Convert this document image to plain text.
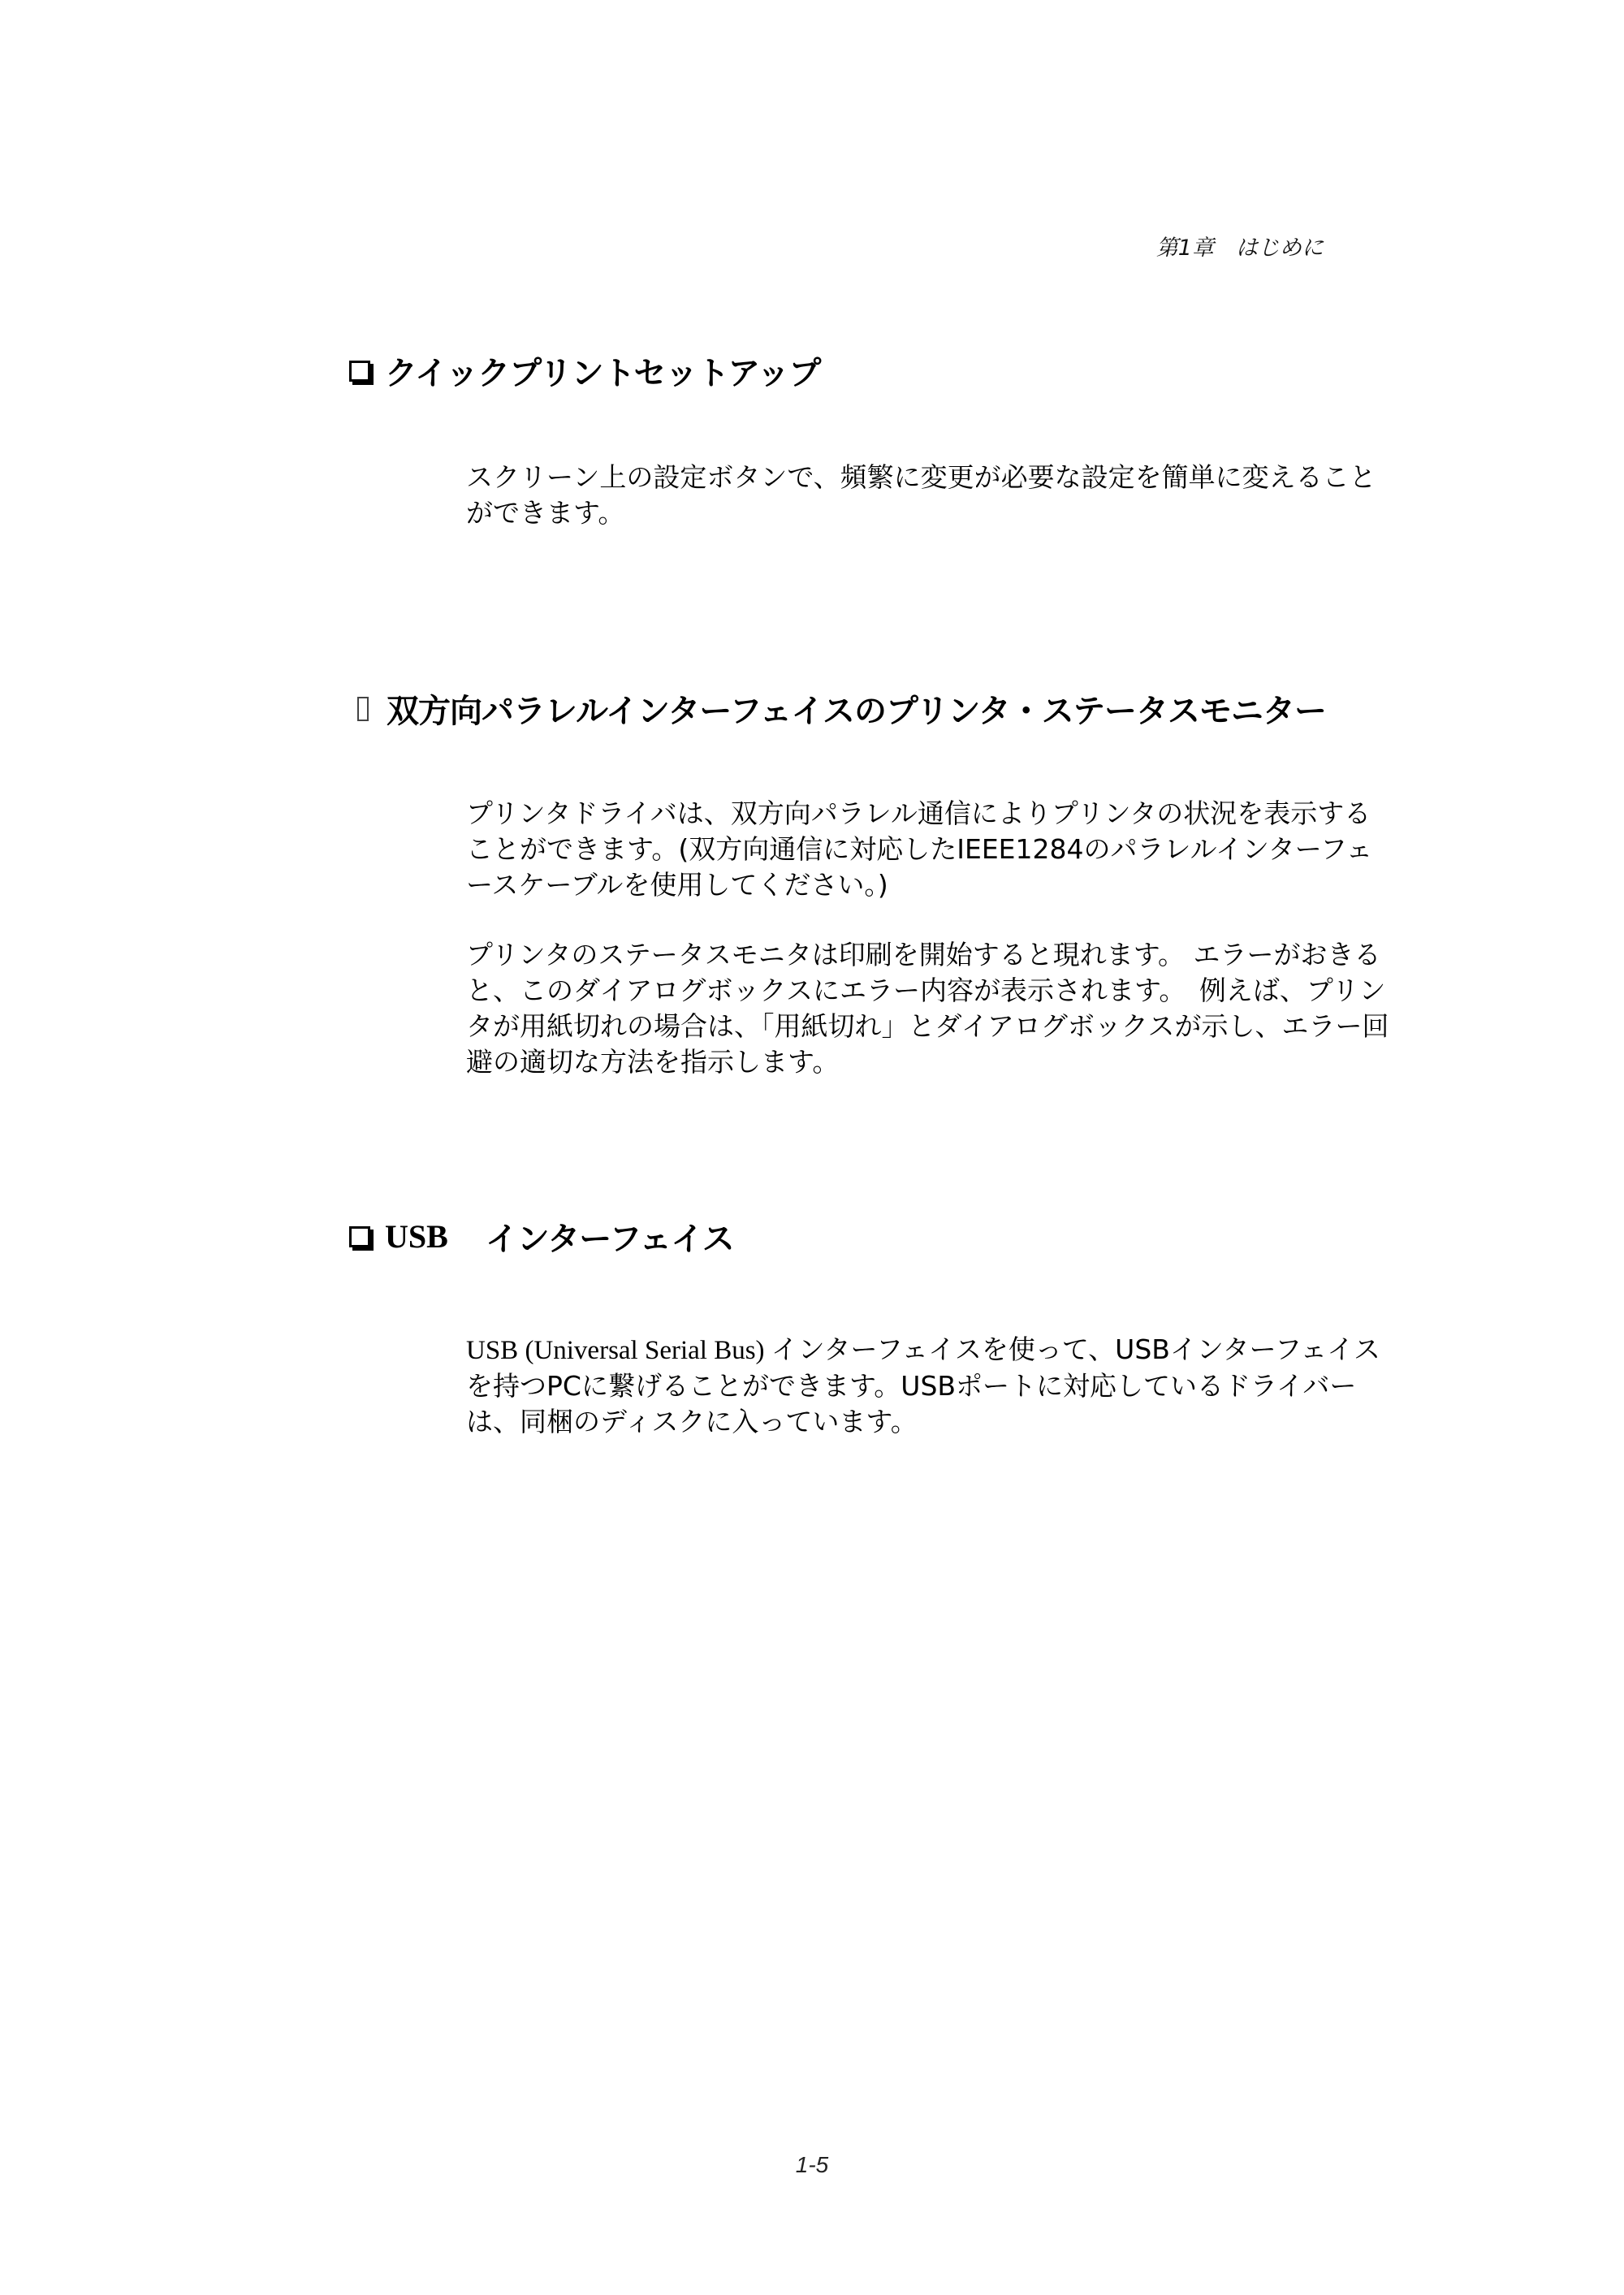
第1章　はじめに
クイックプリントセットアップ

スクリーン上の設定ボタンで、頻繁に変更が必要な設定を簡単に変えることができます。

双方向パラレルインターフェイスのプリンタ・ステータスモニター

プリンタドライバは、双方向パラレル通信によりプリンタの状況を表示することができます。(双方向通信に対応したIEEE1284のパラレルインターフェースケーブルを使用してください。)

プリンタのステータスモニタは印刷を開始すると現れます。 エラーがおきると、このダイアログボックスにエラー内容が表示されます。　例えば、プリンタが用紙切れの場合は、「用紙切れ」とダイアログボックスが示し、エラー回避の適切な方法を指示します。

USB インターフェイス

USB (Universal Serial Bus) インターフェイスを使って、USBインターフェイスを持つPCに繋げることができます。USBポートに対応しているドライバーは、同梱のディスクに入っています。

1-5
